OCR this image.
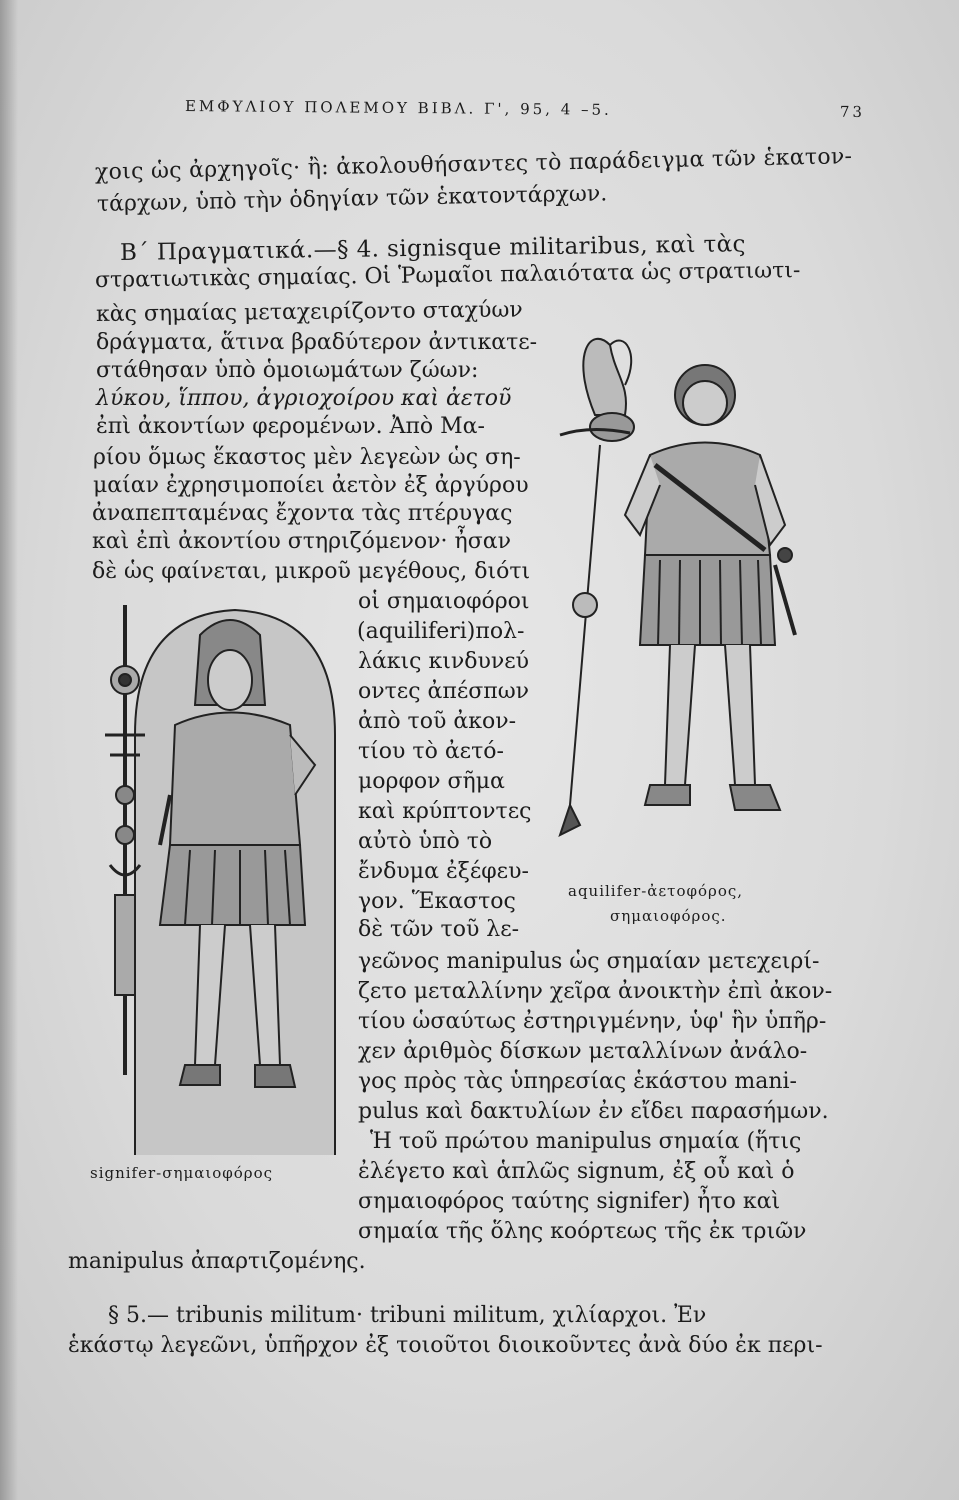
ΕΜΦΥΛΙΟΥ ΠΟΛΕΜΟΥ ΒΙΒΛ. Γ', 95, 4 –5.	73
χοις ὡς ἀρχηγοῖς· ἢ: ἀκολουθήσαντες τὸ παράδειγμα τῶν ἑκατον-
τάρχων, ὑπὸ τὴν ὁδηγίαν τῶν ἑκατοντάρχων.
Β΄ Πραγματικά.—§ 4. signisque militaribus, καὶ τὰς
στρατιωτικὰς σημαίας. Οἱ Ῥωμαῖοι παλαιότατα ὡς στρατιωτι-
κὰς σημαίας μεταχειρίζοντο σταχύων
δράγματα, ἅτινα βραδύτερον ἀντικατε-
στάθησαν ὑπὸ ὁμοιωμάτων ζώων:
λύκου, ἵππου, ἀγριοχοίρου καὶ ἀετοῦ
ἐπὶ ἀκοντίων φερομένων. Ἀπὸ Μα-
ρίου ὅμως ἕκαστος μὲν λεγεὼν ὡς ση-
μαίαν ἐχρησιμοποίει ἀετὸν ἐξ ἀργύρου
ἀναπεπταμένας ἔχοντα τὰς πτέρυγας
καὶ ἐπὶ ἀκοντίου στηριζόμενον· ἦσαν
δὲ ὡς φαίνεται, μικροῦ μεγέθους, διότι
οἱ σημαιοφόροι
(aquiliferi)πολ-
λάκις κινδυνεύ
οντες ἀπέσπων
ἀπὸ τοῦ ἀκον-
τίου τὸ ἀετό-
μορφον σῆμα
καὶ κρύπτοντες
αὐτὸ ὑπὸ τὸ
ἔνδυμα ἐξέφευ-
γον. Ἕκαστος
δὲ τῶν τοῦ λε-
γεῶνος manipulus ὡς σημαίαν μετεχειρί-
ζετο μεταλλίνην χεῖρα ἀνοικτὴν ἐπὶ ἀκον-
τίου ὡσαύτως ἐστηριγμένην, ὑφ' ἣν ὑπῆρ-
χεν ἀριθμὸς δίσκων μεταλλίνων ἀνάλο-
γος πρὸς τὰς ὑπηρεσίας ἑκάστου mani-
pulus καὶ δακτυλίων ἐν εἴδει παρασήμων.
Ἡ τοῦ πρώτου manipulus σημαία (ἥτις
ἐλέγετο καὶ ἁπλῶς signum, ἐξ οὗ καὶ ὁ
σημαιοφόρος ταύτης signifer) ἦτο καὶ
σημαία τῆς ὅλης κοόρτεως τῆς ἐκ τριῶν
manipulus ἀπαρτιζομένης.
§ 5.— tribunis militum· tribuni militum, χιλίαρχοι. Ἐν
ἑκάστῳ λεγεῶνι, ὑπῆρχον ἐξ τοιοῦτοι διοικοῦντες ἀνὰ δύο ἐκ περι-
aquilifer-ἀετοφόρος,
σημαιοφόρος.
signifer-σημαιοφόρος
